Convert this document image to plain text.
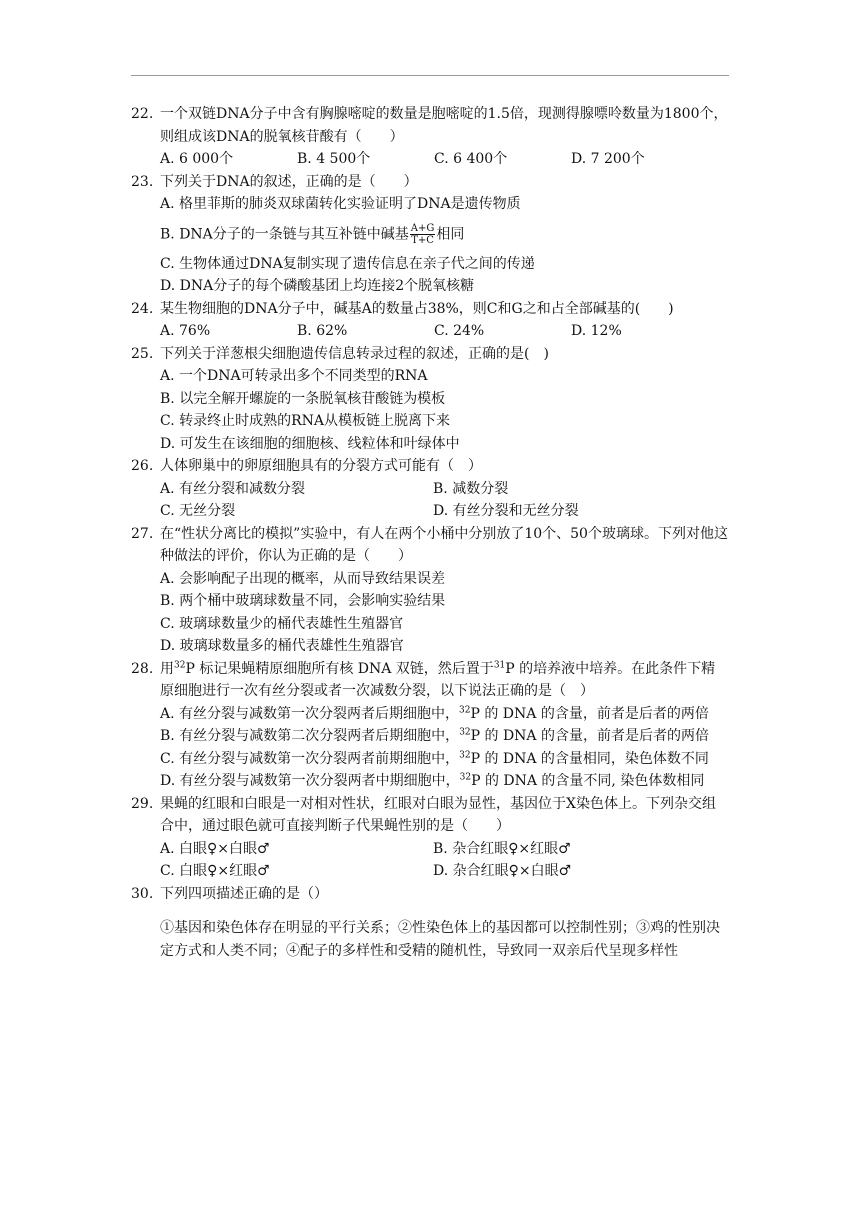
22. 一个双链DNA分子中含有胸腺嘧啶的数量是胞嘧啶的1.5倍，现测得腺嘌呤数量为1800个，则组成该DNA的脱氧核苷酸有（　　）
A. 6 000个	B. 4 500个	C. 6 400个	D. 7 200个
23. 下列关于DNA的叙述，正确的是（　　）
A. 格里菲斯的肺炎双球菌转化实验证明了DNA是遗传物质
B. DNA分子的一条链与其互补链中碱基 $\frac{A+G}{T+C}$ 相同
C. 生物体通过DNA复制实现了遗传信息在亲子代之间的传递
D. DNA分子的每个磷酸基团上均连接2个脱氧核糖
24. 某生物细胞的DNA分子中，碱基A的数量占38%，则C和G之和占全部碱基的(　　)
A. 76%	B. 62%	C. 24%	D. 12%
25. 下列关于洋葱根尖细胞遗传信息转录过程的叙述，正确的是(　)
A. 一个DNA可转录出多个不同类型的RNA
B. 以完全解开螺旋的一条脱氧核苷酸链为模板
C. 转录终止时成熟的RNA从模板链上脱离下来
D. 可发生在该细胞的细胞核、线粒体和叶绿体中
26. 人体卵巢中的卵原细胞具有的分裂方式可能有（　）
A. 有丝分裂和减数分裂	B. 减数分裂
C. 无丝分裂	D. 有丝分裂和无丝分裂
27. 在“性状分离比的模拟”实验中，有人在两个小桶中分别放了10个、50个玻璃球。下列对他这种做法的评价，你认为正确的是（　　）
A. 会影响配子出现的概率，从而导致结果误差
B. 两个桶中玻璃球数量不同，会影响实验结果
C. 玻璃球数量少的桶代表雄性生殖器官
D. 玻璃球数量多的桶代表雄性生殖器官
28. 用$^{32}$P 标记果蝇精原细胞所有核 DNA 双链，然后置于$^{31}$P 的培养液中培养。在此条件下精原细胞进行一次有丝分裂或者一次减数分裂，以下说法正确的是（　）
A. 有丝分裂与减数第一次分裂两者后期细胞中，$^{32}$P 的 DNA 的含量，前者是后者的两倍
B. 有丝分裂与减数第二次分裂两者后期细胞中，$^{32}$P 的 DNA 的含量，前者是后者的两倍
C. 有丝分裂与减数第一次分裂两者前期细胞中，$^{32}$P 的 DNA 的含量相同，染色体数不同
D. 有丝分裂与减数第一次分裂两者中期细胞中，$^{32}$P 的 DNA 的含量不同, 染色体数相同
29. 果蝇的红眼和白眼是一对相对性状，红眼对白眼为显性，基因位于X染色体上。下列杂交组合中，通过眼色就可直接判断子代果蝇性别的是（　　）
A. 白眼♀×白眼♂	B. 杂合红眼♀×红眼♂
C. 白眼♀×红眼♂	D. 杂合红眼♀×白眼♂
30. 下列四项描述正确的是（）
①基因和染色体存在明显的平行关系；②性染色体上的基因都可以控制性别；③鸡的性别决定方式和人类不同；④配子的多样性和受精的随机性，导致同一双亲后代呈现多样性
